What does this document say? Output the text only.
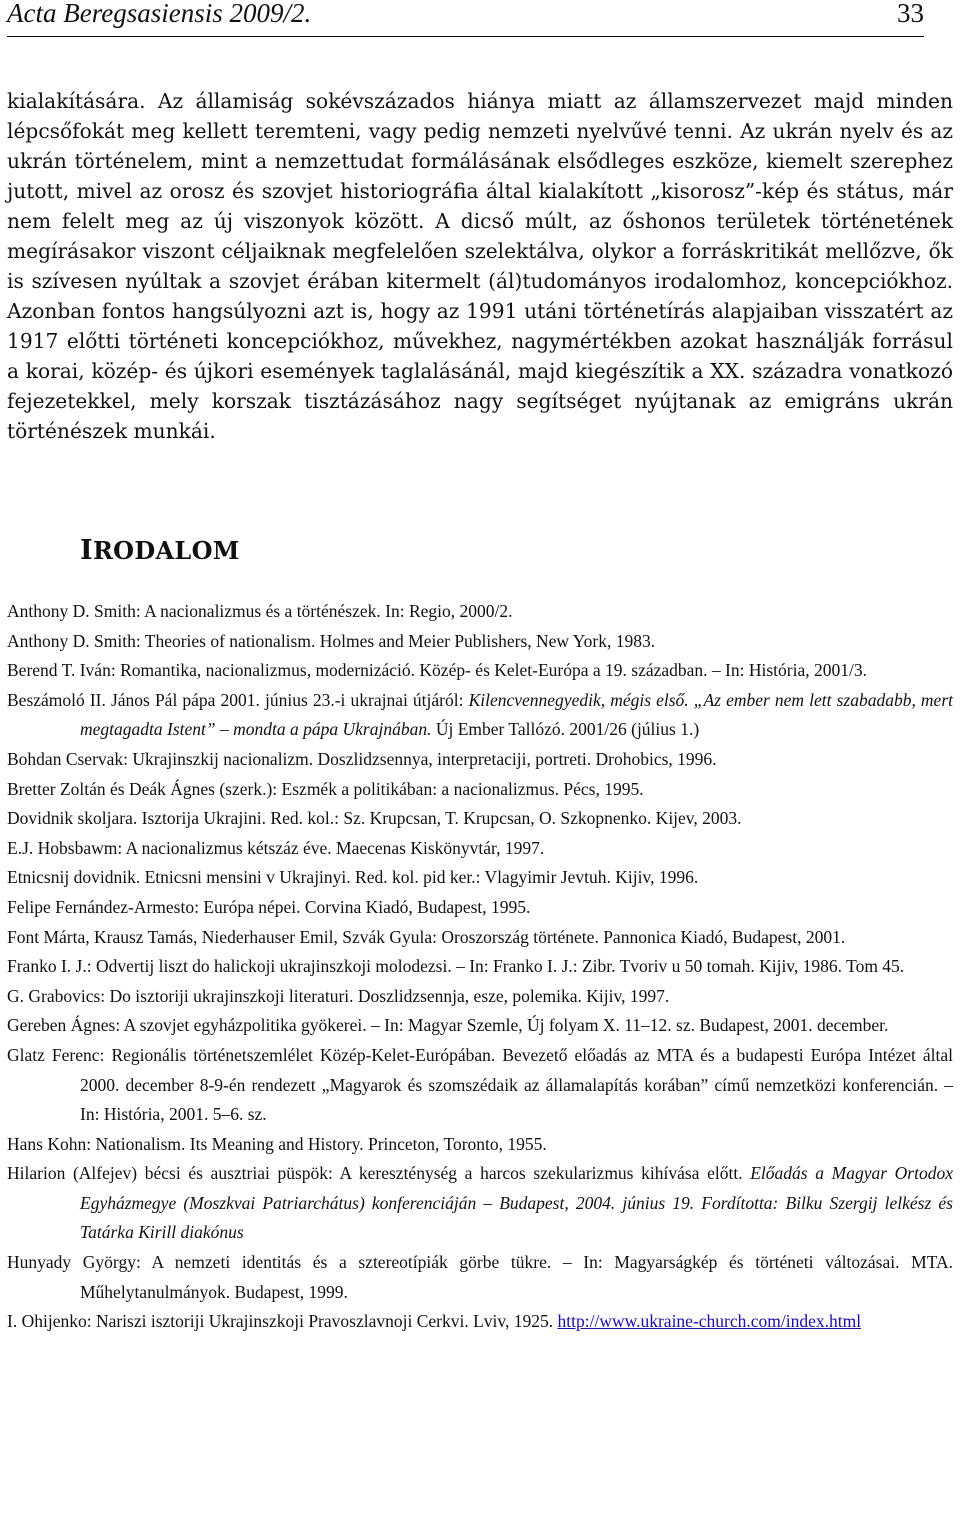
Acta Beregsasiensis 2009/2.	33

kialakítására. Az államiság sokévszázados hiánya miatt az államszervezet majd minden lépcsőfokát meg kellett teremteni, vagy pedig nemzeti nyelvűvé tenni. Az ukrán nyelv és az ukrán történelem, mint a nemzettudat formálásának elsődleges eszköze, kiemelt szerephez jutott, mivel az orosz és szovjet historiográfia által kialakított „kisorosz”-kép és státus, már nem felelt meg az új viszonyok között. A dicső múlt, az őshonos területek történetének megírásakor viszont céljaiknak megfelelően szelektálva, olykor a forráskritikát mellőzve, ők is szívesen nyúltak a szovjet érában kitermelt (ál)tudományos irodalomhoz, koncepciókhoz. Azonban fontos hangsúlyozni azt is, hogy az 1991 utáni történetírás alapjaiban visszatért az 1917 előtti történeti koncepciókhoz, művekhez, nagymértékben azokat használják forrásul a korai, közép- és újkori események taglalásánál, majd kiegészítik a XX. századra vonatkozó fejezetekkel, mely korszak tisztázásához nagy segítséget nyújtanak az emigráns ukrán történészek munkái.

IRODALOM
Anthony D. Smith: A nacionalizmus és a történészek. In: Regio, 2000/2.
Anthony D. Smith: Theories of nationalism. Holmes and Meier Publishers, New York, 1983.
Berend T. Iván: Romantika, nacionalizmus, modernizáció. Közép- és Kelet-Európa a 19. században. – In: História, 2001/3.
Beszámoló II. János Pál pápa 2001. június 23.-i ukrajnai útjáról: Kilencvennegyedik, mégis első. „Az ember nem lett szabadabb, mert megtagadta Istent” – mondta a pápa Ukrajnában. Új Ember Tallózó. 2001/26 (július 1.)
Bohdan Cservak: Ukrajinszkij nacionalizm. Doszlidzsennya, interpretaciji, portreti. Drohobics, 1996.
Bretter Zoltán és Deák Ágnes (szerk.): Eszmék a politikában: a nacionalizmus. Pécs, 1995.
Dovidnik skoljara. Isztorija Ukrajini. Red. kol.: Sz. Krupcsan, T. Krupcsan, O. Szkopnenko. Kijev, 2003.
E.J. Hobsbawm: A nacionalizmus kétszáz éve. Maecenas Kiskönyvtár, 1997.
Etnicsnij dovidnik. Etnicsni mensini v Ukrajinyi. Red. kol. pid ker.: Vlagyimir Jevtuh. Kijiv, 1996.
Felipe Fernández-Armesto: Európa népei. Corvina Kiadó, Budapest, 1995.
Font Márta, Krausz Tamás, Niederhauser Emil, Szvák Gyula: Oroszország története. Pannonica Kiadó, Budapest, 2001.
Franko I. J.: Odvertij liszt do halickoji ukrajinszkoji molodezsi. – In: Franko I. J.: Zibr. Tvoriv u 50 tomah. Kijiv, 1986. Tom 45.
G. Grabovics: Do isztoriji ukrajinszkoji literaturi. Doszlidzsennja, esze, polemika. Kijiv, 1997.
Gereben Ágnes: A szovjet egyházpolitika gyökerei. – In: Magyar Szemle, Új folyam X. 11–12. sz. Budapest, 2001. december.
Glatz Ferenc: Regionális történetszemlélet Közép-Kelet-Európában. Bevezető előadás az MTA és a budapesti Európa Intézet által 2000. december 8-9-én rendezett „Magyarok és szomszédaik az államalapítás korában” című nemzetközi konferencián. – In: História, 2001. 5–6. sz.
Hans Kohn: Nationalism. Its Meaning and History. Princeton, Toronto, 1955.
Hilarion (Alfejev) bécsi és ausztriai püspök: A kereszténység a harcos szekularizmus kihívása előtt. Előadás a Magyar Ortodox Egyházmegye (Moszkvai Patriarchátus) konferenciáján – Budapest, 2004. június 19. Fordította: Bilku Szergij lelkész és Tatárka Kirill diakónus
Hunyady György: A nemzeti identitás és a sztereotípiák görbe tükre. – In: Magyarságkép és történeti változásai. MTA. Műhelytanulmányok. Budapest, 1999.
I. Ohijenko: Nariszi isztoriji Ukrajinszkoji Pravoszlavnoji Cerkvi. Lviv, 1925. http://www.ukraine-church.com/index.html
